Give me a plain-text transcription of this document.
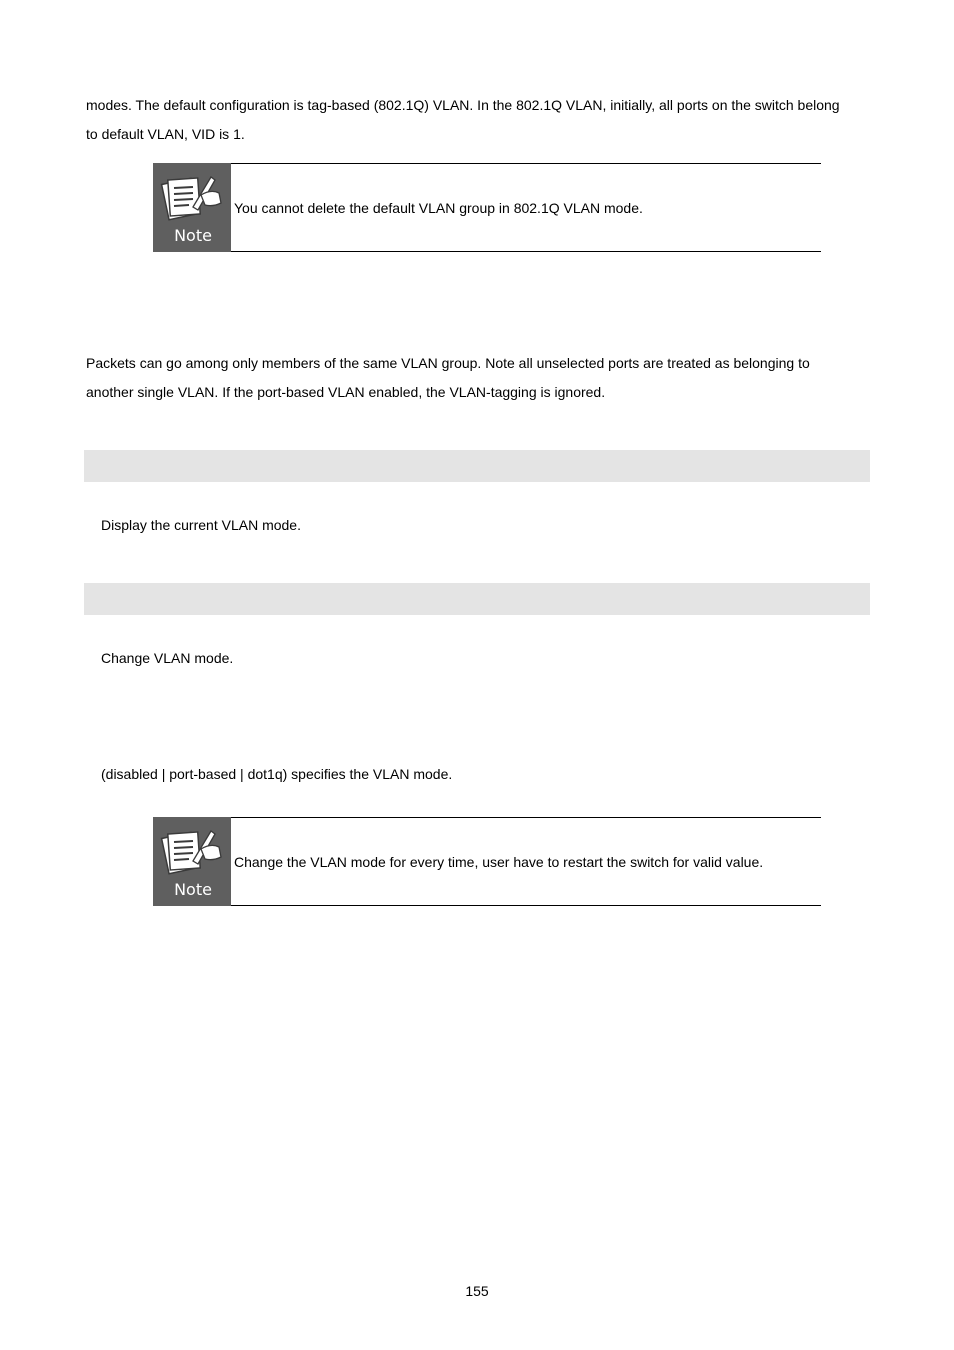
modes. The default configuration is tag-based (802.1Q) VLAN. In the 802.1Q VLAN, initially, all ports on the switch belong

to default VLAN, VID is 1.

Note
You cannot delete the default VLAN group in 802.1Q VLAN mode.

Packets can go among only members of the same VLAN group. Note all unselected ports are treated as belonging to

another single VLAN. If the port-based VLAN enabled, the VLAN-tagging is ignored.

Display the current VLAN mode.

Change VLAN mode.

(disabled | port-based | dot1q) specifies the VLAN mode.

Note
Change the VLAN mode for every time, user have to restart the switch for valid value.
155
